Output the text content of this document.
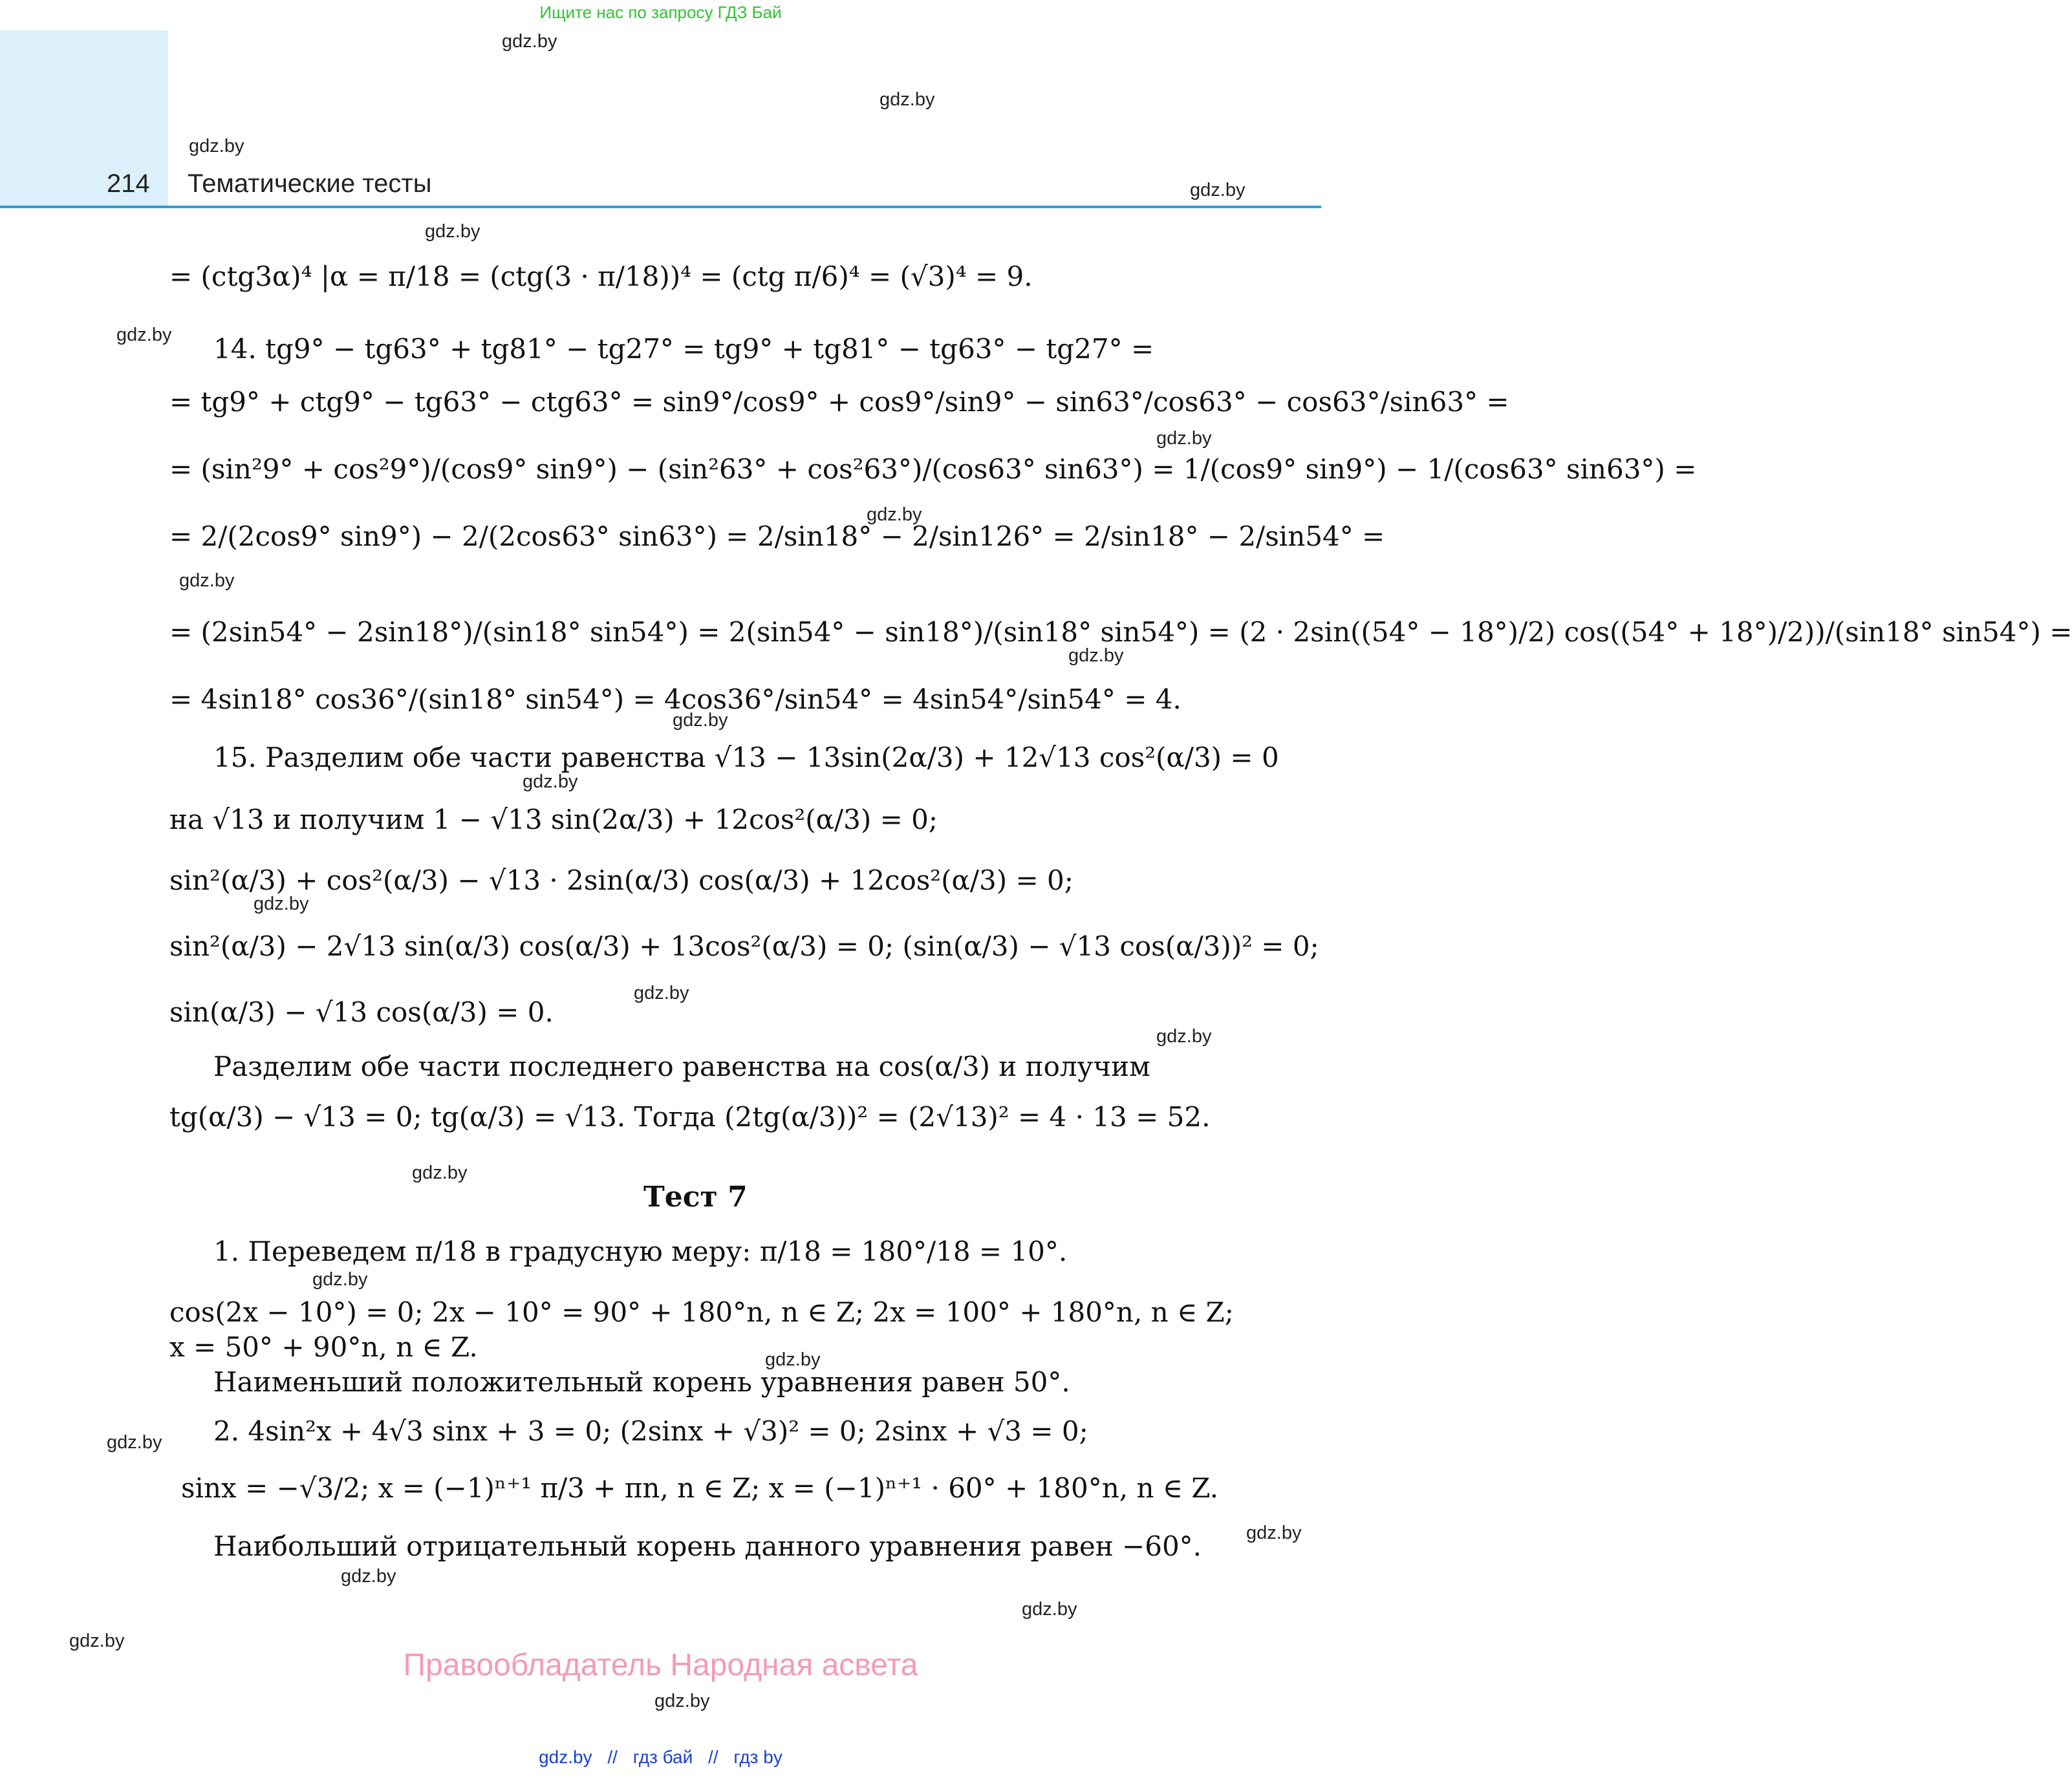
Ищите нас по запросу ГДЗ Бай
214 Тематические тесты
gdz.by
gdz.by
gdz.by
gdz.by
gdz.by
gdz.by
gdz.by
gdz.by
gdz.by
gdz.by
gdz.by
gdz.by
gdz.by
gdz.by
gdz.by
gdz.by
gdz.by
gdz.by
gdz.by
gdz.by
gdz.by
gdz.by
gdz.by
gdz.by
= (ctg3α)⁴ |α = π/18 = (ctg(3 · π/18))⁴ = (ctg π/6)⁴ = (√3)⁴ = 9.
14. tg9° − tg63° + tg81° − tg27° = tg9° + tg81° − tg63° − tg27° =
= tg9° + ctg9° − tg63° − ctg63° = sin9°/cos9° + cos9°/sin9° − sin63°/cos63° − cos63°/sin63° =
= (sin²9° + cos²9°)/(cos9° sin9°) − (sin²63° + cos²63°)/(cos63° sin63°) = 1/(cos9° sin9°) − 1/(cos63° sin63°) =
= 2/(2cos9° sin9°) − 2/(2cos63° sin63°) = 2/sin18° − 2/sin126° = 2/sin18° − 2/sin54° =
= (2sin54° − 2sin18°)/(sin18° sin54°) = 2(sin54° − sin18°)/(sin18° sin54°) = (2 · 2sin((54° − 18°)/2) cos((54° + 18°)/2))/(sin18° sin54°) =
= 4sin18° cos36°/(sin18° sin54°) = 4cos36°/sin54° = 4sin54°/sin54° = 4.
15. Разделим обе части равенства √13 − 13sin(2α/3) + 12√13 cos²(α/3) = 0
на √13 и получим 1 − √13 sin(2α/3) + 12cos²(α/3) = 0;
sin²(α/3) + cos²(α/3) − √13 · 2sin(α/3) cos(α/3) + 12cos²(α/3) = 0;
sin²(α/3) − 2√13 sin(α/3) cos(α/3) + 13cos²(α/3) = 0; (sin(α/3) − √13 cos(α/3))² = 0;
sin(α/3) − √13 cos(α/3) = 0.
Разделим обе части последнего равенства на cos(α/3) и получим
tg(α/3) − √13 = 0; tg(α/3) = √13. Тогда (2tg(α/3))² = (2√13)² = 4 · 13 = 52.
Тест 7
1. Переведем π/18 в градусную меру: π/18 = 180°/18 = 10°.
cos(2x − 10°) = 0; 2x − 10° = 90° + 180°n, n ∈ Z; 2x = 100° + 180°n, n ∈ Z;
x = 50° + 90°n, n ∈ Z.
Наименьший положительный корень уравнения равен 50°.
2. 4sin²x + 4√3 sinx + 3 = 0; (2sinx + √3)² = 0; 2sinx + √3 = 0;
sinx = −√3/2; x = (−1)ⁿ⁺¹ π/3 + πn, n ∈ Z; x = (−1)ⁿ⁺¹ · 60° + 180°n, n ∈ Z.
Наибольший отрицательный корень данного уравнения равен −60°.
Правообладатель Народная асвета
gdz.by // гдз бай // гдз by
